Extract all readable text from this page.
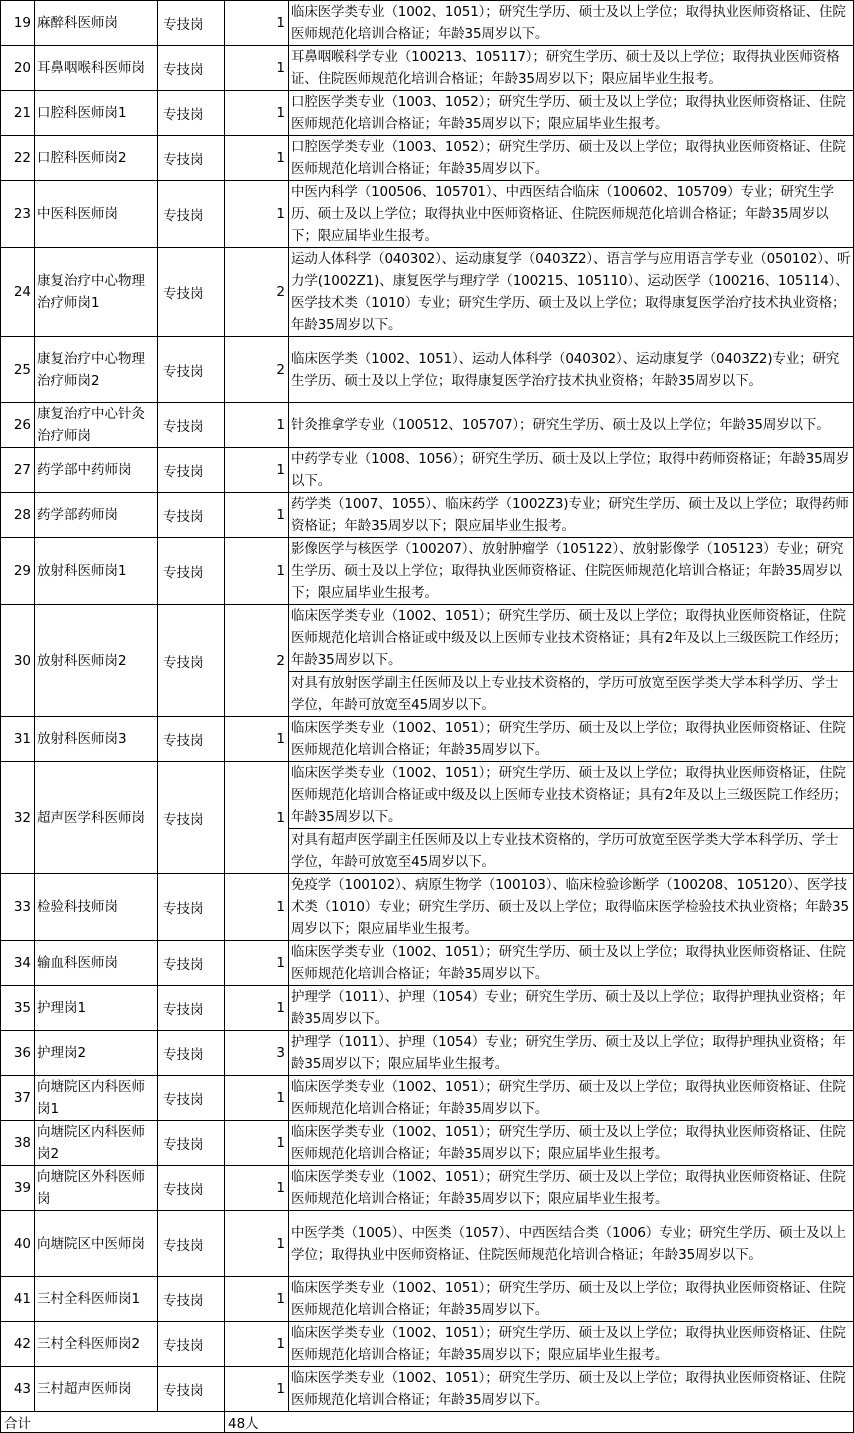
19	麻醉科医师岗	专技岗	1	临床医学类专业（1002、1051）；研究生学历、硕士及以上学位；取得执业医师资格证、住院医师规范化培训合格证；年龄35周岁以下。
20	耳鼻咽喉科医师岗	专技岗	1	耳鼻咽喉科学专业（100213、105117）；研究生学历、硕士及以上学位；取得执业医师资格证、住院医师规范化培训合格证；年龄35周岁以下；限应届毕业生报考。
21	口腔科医师岗1	专技岗	1	口腔医学类专业（1003、1052）；研究生学历、硕士及以上学位；取得执业医师资格证、住院医师规范化培训合格证；年龄35周岁以下；限应届毕业生报考。
22	口腔科医师岗2	专技岗	1	口腔医学类专业（1003、1052）；研究生学历、硕士及以上学位；取得执业医师资格证、住院医师规范化培训合格证；年龄35周岁以下。
23	中医科医师岗	专技岗	1	中医内科学（100506、105701）、中西医结合临床（100602、105709）专业；研究生学历、硕士及以上学位；取得执业中医师资格证、住院医师规范化培训合格证；年龄35周岁以下；限应届毕业生报考。
24	康复治疗中心物理治疗师岗1	专技岗	2	运动人体科学（040302）、运动康复学（0403Z2）、语言学与应用语言学专业（050102）、听力学(1002Z1)、康复医学与理疗学（100215、105110）、运动医学（100216、105114）、医学技术类（1010）专业；研究生学历、硕士及以上学位；取得康复医学治疗技术执业资格；年龄35周岁以下。
25	康复治疗中心物理治疗师岗2	专技岗	2	临床医学类（1002、1051）、运动人体科学（040302）、运动康复学（0403Z2)专业；研究生学历、硕士及以上学位；取得康复医学治疗技术执业资格；年龄35周岁以下。
26	康复治疗中心针灸治疗师岗	专技岗	1	针灸推拿学专业（100512、105707）；研究生学历、硕士及以上学位；年龄35周岁以下。
27	药学部中药师岗	专技岗	1	中药学专业（1008、1056）；研究生学历、硕士及以上学位；取得中药师资格证；年龄35周岁以下。
28	药学部药师岗	专技岗	1	药学类（1007、1055）、临床药学（1002Z3)专业；研究生学历、硕士及以上学位；取得药师资格证；年龄35周岁以下；限应届毕业生报考。
29	放射科医师岗1	专技岗	1	影像医学与核医学（100207）、放射肿瘤学（105122）、放射影像学（105123）专业；研究生学历、硕士及以上学位；取得执业医师资格证、住院医师规范化培训合格证；年龄35周岁以下；限应届毕业生报考。
30	放射科医师岗2	专技岗	2	临床医学类专业（1002、1051）；研究生学历、硕士及以上学位；取得执业医师资格证，住院医师规范化培训合格证或中级及以上医师专业技术资格证；具有2年及以上三级医院工作经历；年龄35周岁以下。
				对具有放射医学副主任医师及以上专业技术资格的，学历可放宽至医学类大学本科学历、学士学位，年龄可放宽至45周岁以下。
31	放射科医师岗3	专技岗	1	临床医学类专业（1002、1051）；研究生学历、硕士及以上学位；取得执业医师资格证、住院医师规范化培训合格证；年龄35周岁以下。
32	超声医学科医师岗	专技岗	1	临床医学类专业（1002、1051）；研究生学历、硕士及以上学位；取得执业医师资格证，住院医师规范化培训合格证或中级及以上医师专业技术资格证；具有2年及以上三级医院工作经历；年龄35周岁以下。
				对具有超声医学副主任医师及以上专业技术资格的，学历可放宽至医学类大学本科学历、学士学位，年龄可放宽至45周岁以下。
33	检验科技师岗	专技岗	1	免疫学（100102）、病原生物学（100103）、临床检验诊断学（100208、105120）、医学技术类（1010）专业；研究生学历、硕士及以上学位；取得临床医学检验技术执业资格；年龄35周岁以下；限应届毕业生报考。
34	输血科医师岗	专技岗	1	临床医学类专业（1002、1051）；研究生学历、硕士及以上学位；取得执业医师资格证、住院医师规范化培训合格证；年龄35周岁以下。
35	护理岗1	专技岗	1	护理学（1011）、护理（1054）专业；研究生学历、硕士及以上学位；取得护理执业资格；年龄35周岁以下。
36	护理岗2	专技岗	3	护理学（1011）、护理（1054）专业；研究生学历、硕士及以上学位；取得护理执业资格；年龄35周岁以下；限应届毕业生报考。
37	向塘院区内科医师岗1	专技岗	1	临床医学类专业（1002、1051）；研究生学历、硕士及以上学位；取得执业医师资格证、住院医师规范化培训合格证；年龄35周岁以下。
38	向塘院区内科医师岗2	专技岗	1	临床医学类专业（1002、1051）；研究生学历、硕士及以上学位；取得执业医师资格证、住院医师规范化培训合格证；年龄35周岁以下；限应届毕业生报考。
39	向塘院区外科医师岗	专技岗	1	临床医学类专业（1002、1051）；研究生学历、硕士及以上学位；取得执业医师资格证、住院医师规范化培训合格证；年龄35周岁以下；限应届毕业生报考。
40	向塘院区中医师岗	专技岗	1	中医学类（1005）、中医类（1057）、中西医结合类（1006）专业；研究生学历、硕士及以上学位；取得执业中医师资格证、住院医师规范化培训合格证；年龄35周岁以下。
41	三村全科医师岗1	专技岗	1	临床医学类专业（1002、1051）；研究生学历、硕士及以上学位；取得执业医师资格证、住院医师规范化培训合格证；年龄35周岁以下。
42	三村全科医师岗2	专技岗	1	临床医学类专业（1002、1051）；研究生学历、硕士及以上学位；取得执业医师资格证、住院医师规范化培训合格证；年龄35周岁以下；限应届毕业生报考。
43	三村超声医师岗	专技岗	1	临床医学类专业（1002、1051）；研究生学历、硕士及以上学位；取得执业医师资格证、住院医师规范化培训合格证；年龄35周岁以下。
合计			48人	
